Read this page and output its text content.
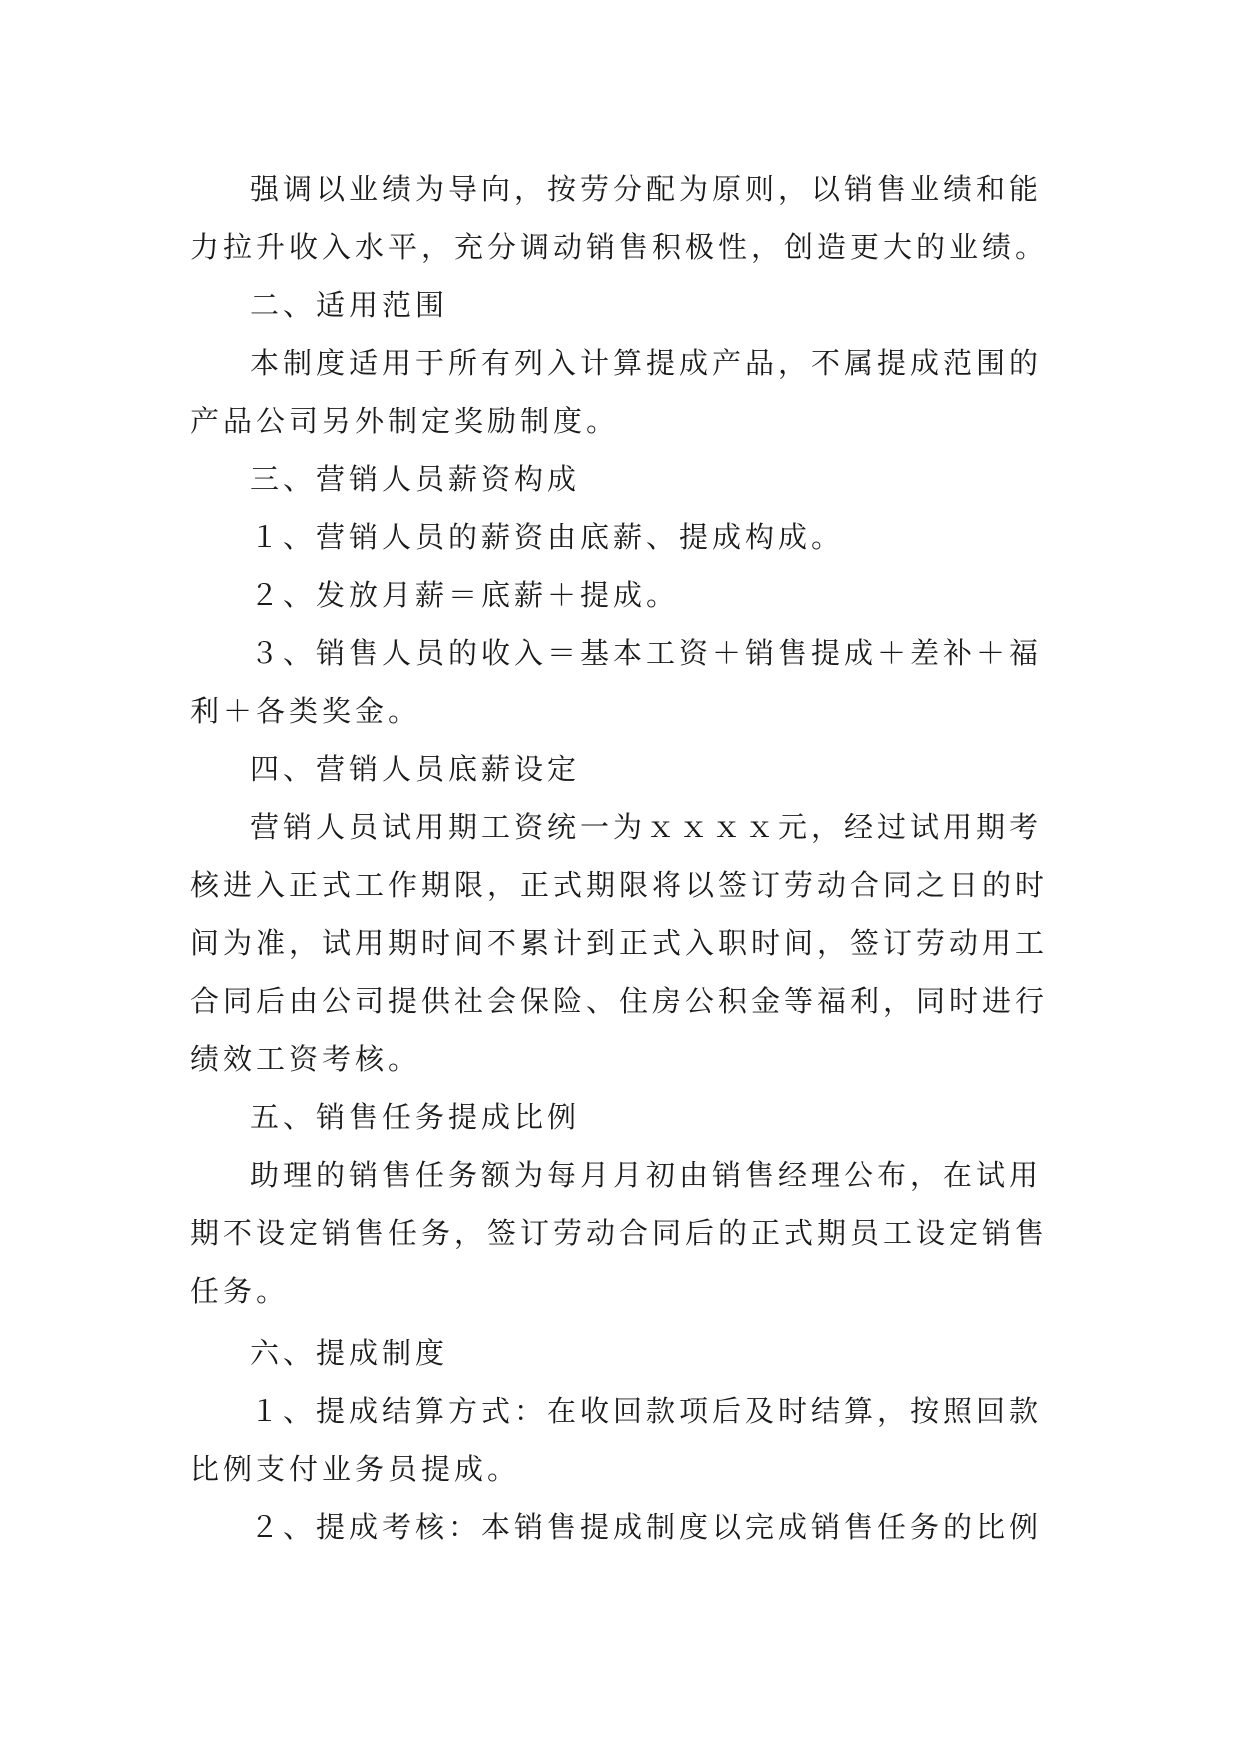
强调以业绩为导向，按劳分配为原则，以销售业绩和能
力拉升收入水平，充分调动销售积极性，创造更大的业绩。
二、适用范围
本制度适用于所有列入计算提成产品，不属提成范围的
产品公司另外制定奖励制度。
三、营销人员薪资构成
１、营销人员的薪资由底薪、提成构成。
２、发放月薪＝底薪＋提成。
３、销售人员的收入＝基本工资＋销售提成＋差补＋福
利＋各类奖金。
四、营销人员底薪设定
营销人员试用期工资统一为ｘｘｘｘ元，经过试用期考
核进入正式工作期限，正式期限将以签订劳动合同之日的时
间为准，试用期时间不累计到正式入职时间，签订劳动用工
合同后由公司提供社会保险、住房公积金等福利，同时进行
绩效工资考核。
五、销售任务提成比例
助理的销售任务额为每月月初由销售经理公布，在试用
期不设定销售任务，签订劳动合同后的正式期员工设定销售
任务。
六、提成制度
１、提成结算方式：在收回款项后及时结算，按照回款
比例支付业务员提成。
２、提成考核：本销售提成制度以完成销售任务的比例
